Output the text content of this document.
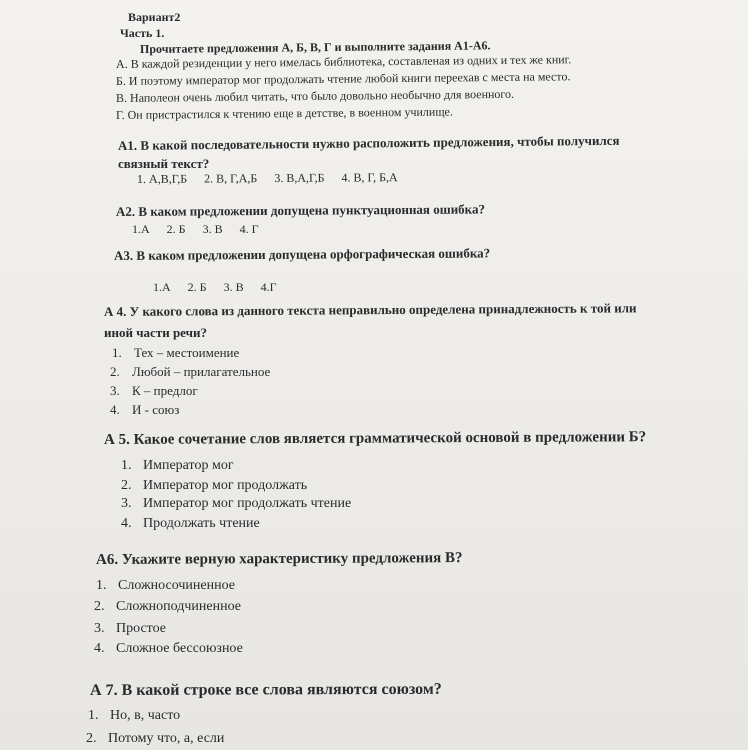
Вариант2
Часть 1.
Прочитаете предложения А, Б, В, Г и выполните задания А1-А6.
А. В каждой резиденции у него имелась библиотека, составленая из одних и тех же книг.
Б. И поэтому император мог продолжать чтение любой книги переехав с места на место.
В. Наполеон очень любил читать, что было довольно необычно для военного.
Г. Он пристрастился к чтению еще в детстве, в военном училище.
А1. В какой последовательности нужно расположить предложения, чтобы получился
связный текст?
1. А,В,Г,Б 2. В, Г,А,Б 3. В,А,Г,Б 4. В, Г, Б,А
А2. В каком предложении допущена пунктуационная ошибка?
1.А 2. Б 3. В 4. Г
А3. В каком предложении допущена орфографическая ошибка?
1.А 2. Б 3. В 4.Г
А 4. У какого слова из данного текста неправильно определена принадлежность к той или
иной части речи?
1. Тех – местоимение
2. Любой – прилагательное
3. К – предлог
4. И - союз
А 5. Какое сочетание слов является грамматической основой в предложении Б?
1. Император мог
2. Император мог продолжать
3. Император мог продолжать чтение
4. Продолжать чтение
А6. Укажите верную характеристику предложения В?
1. Сложносочиненное
2. Сложноподчиненное
3. Простое
4. Сложное бессоюзное
А 7. В какой строке все слова являются союзом?
1. Но, в, часто
2. Потому что, а, если
